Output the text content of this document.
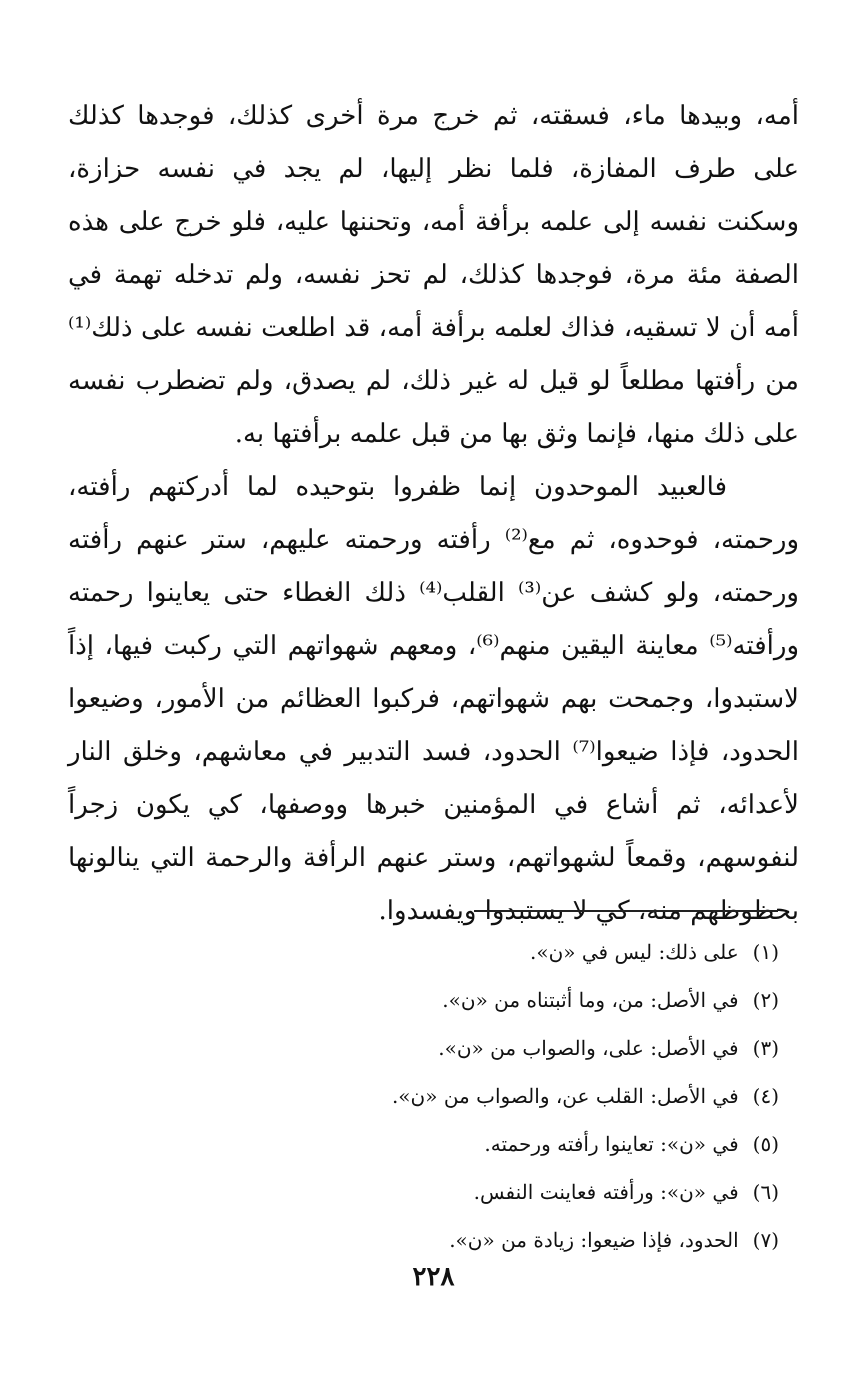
أمه، وبيدها ماء، فسقته، ثم خرج مرة أخرى كذلك، فوجدها كذلك على طرف المفازة، فلما نظر إليها، لم يجد في نفسه حزازة، وسكنت نفسه إلى علمه برأفة أمه، وتحننها عليه، فلو خرج على هذه الصفة مئة مرة، فوجدها كذلك، لم تحز نفسه، ولم تدخله تهمة في أمه أن لا تسقيه، فذاك لعلمه برأفة أمه، قد اطلعت نفسه على ذلك⁽¹⁾ من رأفتها مطلعاً لو قيل له غير ذلك، لم يصدق، ولم تضطرب نفسه على ذلك منها، فإنما وثق بها من قبل علمه برأفتها به.

فالعبيد الموحدون إنما ظفروا بتوحيده لما أدركتهم رأفته، ورحمته، فوحدوه، ثم مع⁽²⁾ رأفته ورحمته عليهم، ستر عنهم رأفته ورحمته، ولو كشف عن⁽³⁾ القلب⁽⁴⁾ ذلك الغطاء حتى يعاينوا رحمته ورأفته⁽⁵⁾ معاينة اليقين منهم⁽⁶⁾، ومعهم شهواتهم التي ركبت فيها، إذاً لاستبدوا، وجمحت بهم شهواتهم، فركبوا العظائم من الأمور، وضيعوا الحدود، فإذا ضيعوا⁽⁷⁾ الحدود، فسد التدبير في معاشهم، وخلق النار لأعدائه، ثم أشاع في المؤمنين خبرها ووصفها، كي يكون زجراً لنفوسهم، وقمعاً لشهواتهم، وستر عنهم الرأفة والرحمة التي ينالونها بحظوظهم منه، كي لا يستبدوا ويفسدوا.

(١)
على ذلك: ليس في «ن».
(٢)
في الأصل: من، وما أثبتناه من «ن».
(٣)
في الأصل: على، والصواب من «ن».
(٤)
في الأصل: القلب عن، والصواب من «ن».
(٥)
في «ن»: تعاينوا رأفته ورحمته.
(٦)
في «ن»: ورأفته فعاينت النفس.
(٧)
الحدود، فإذا ضيعوا: زيادة من «ن».
٢٢٨
